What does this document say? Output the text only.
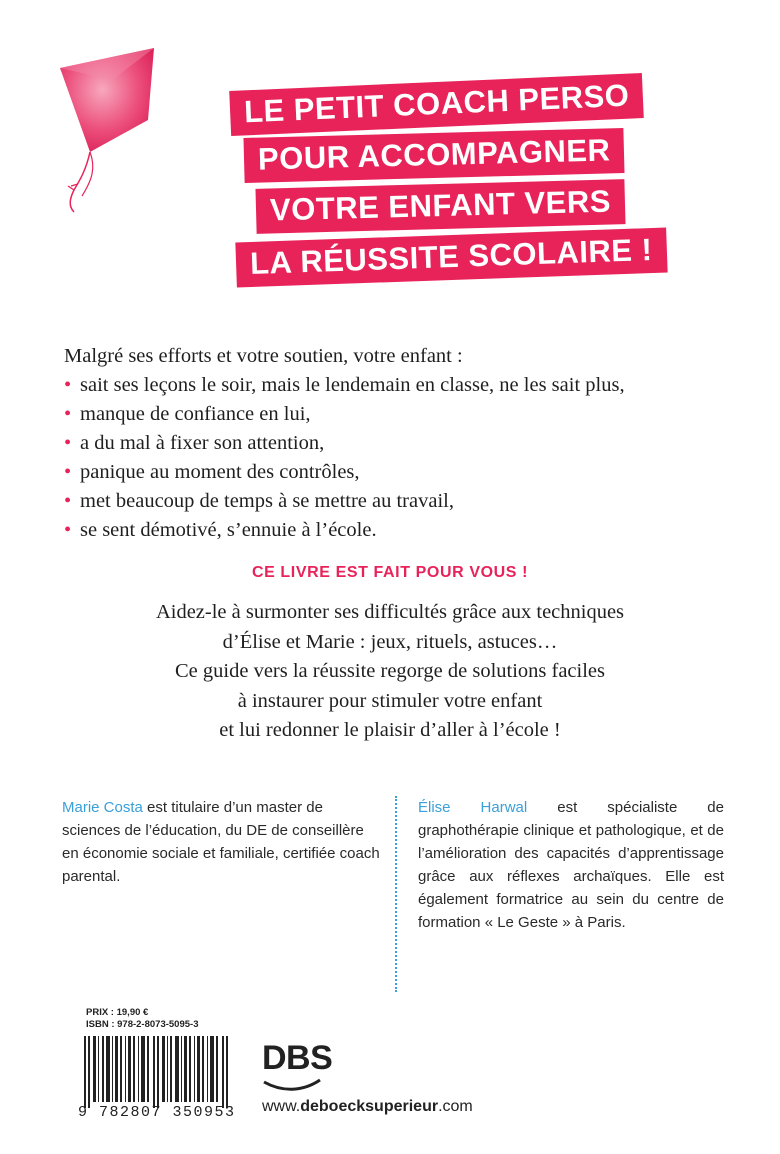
LE PETIT COACH PERSO
POUR ACCOMPAGNER
VOTRE ENFANT VERS
LA RÉUSSITE SCOLAIRE !
Malgré ses efforts et votre soutien, votre enfant :
• sait ses leçons le soir, mais le lendemain en classe, ne les sait plus,
• manque de confiance en lui,
• a du mal à fixer son attention,
• panique au moment des contrôles,
• met beaucoup de temps à se mettre au travail,
• se sent démotivé, s’ennuie à l’école.
CE LIVRE EST FAIT POUR VOUS !
Aidez-le à surmonter ses difficultés grâce aux techniques
d’Élise et Marie : jeux, rituels, astuces…
Ce guide vers la réussite regorge de solutions faciles
à instaurer pour stimuler votre enfant
et lui redonner le plaisir d’aller à l’école !
Marie Costa est titulaire d’un master de sciences de l’éducation, du DE de conseillère en économie sociale et familiale, certifiée coach parental.
Élise Harwal est spécialiste de graphothérapie clinique et pathologique, et de l’amélioration des capacités d’apprentissage grâce aux réflexes archaïques. Elle est également formatrice au sein du centre de formation « Le Geste » à Paris.
PRIX : 19,90 €
ISBN : 978-2-8073-5095-3
9 782807 350953
DBS
www.deboecksuperieur.com
